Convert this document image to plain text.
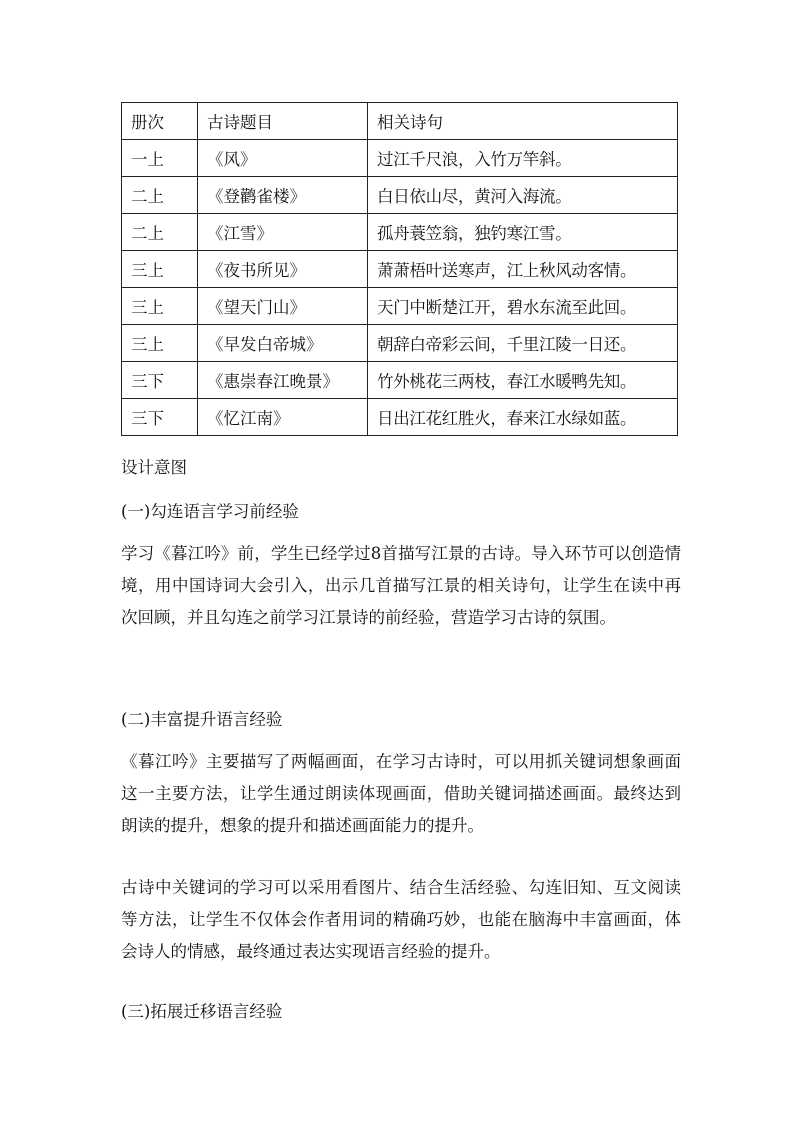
册次	古诗题目	相关诗句
一上	《风》	过江千尺浪，入竹万竿斜。
二上	《登鹳雀楼》	白日依山尽，黄河入海流。
二上	《江雪》	孤舟蓑笠翁，独钓寒江雪。
三上	《夜书所见》	萧萧梧叶送寒声，江上秋风动客情。
三上	《望天门山》	天门中断楚江开，碧水东流至此回。
三上	《早发白帝城》	朝辞白帝彩云间，千里江陵一日还。
三下	《惠崇春江晚景》	竹外桃花三两枝，春江水暖鸭先知。
三下	《忆江南》	日出江花红胜火，春来江水绿如蓝。

设计意图

(一)勾连语言学习前经验

学习《暮江吟》前，学生已经学过8首描写江景的古诗。导入环节可以创造情境，用中国诗词大会引入，出示几首描写江景的相关诗句，让学生在读中再次回顾，并且勾连之前学习江景诗的前经验，营造学习古诗的氛围。

(二)丰富提升语言经验

《暮江吟》主要描写了两幅画面，在学习古诗时，可以用抓关键词想象画面这一主要方法，让学生通过朗读体现画面，借助关键词描述画面。最终达到朗读的提升，想象的提升和描述画面能力的提升。

古诗中关键词的学习可以采用看图片、结合生活经验、勾连旧知、互文阅读等方法，让学生不仅体会作者用词的精确巧妙，也能在脑海中丰富画面，体会诗人的情感，最终通过表达实现语言经验的提升。

(三)拓展迁移语言经验
